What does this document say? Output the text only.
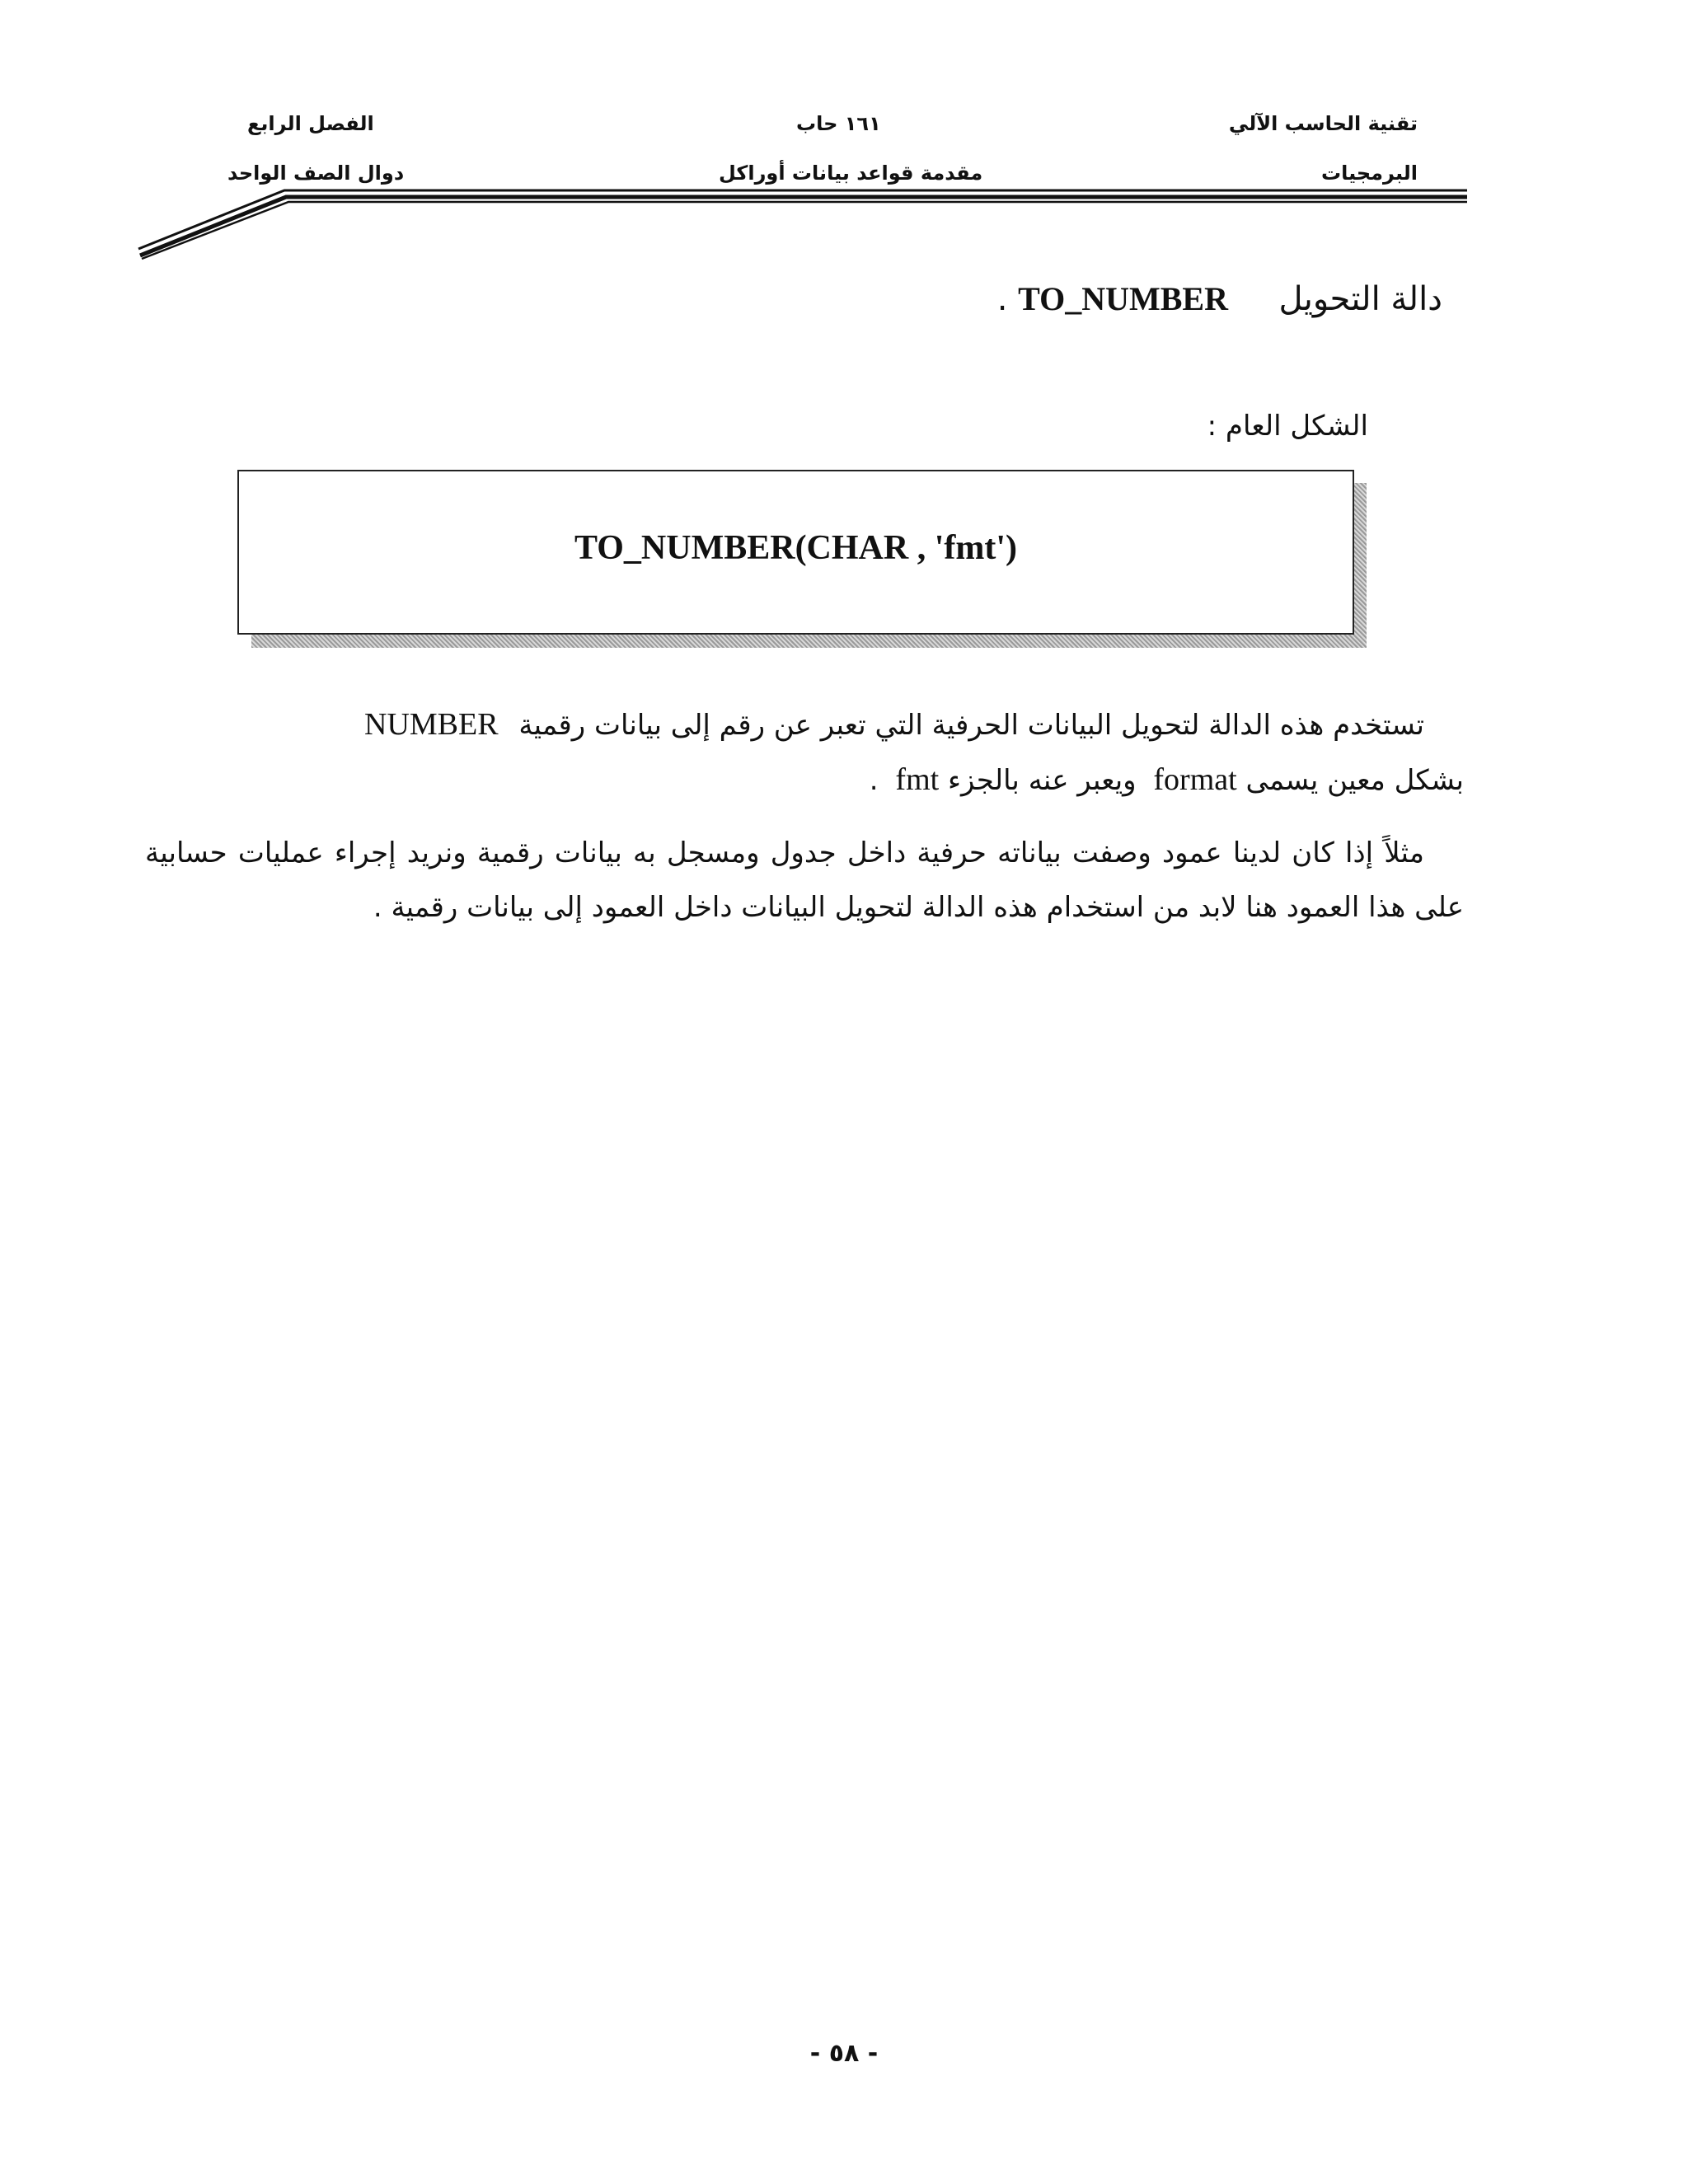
تقنية الحاسب الآلي
البرمجيات
١٦١ حاب
مقدمة قواعد بيانات أوراكل
الفصل الرابع
دوال الصف الواحد
دالة التحويل  TO_NUMBER .
الشكل العام :
TO_NUMBER(CHAR , 'fmt')
تستخدم هذه الدالة لتحويل البيانات الحرفية التي تعبر عن رقم إلى بيانات رقمية NUMBER
بشكل معين يسمى format ويعبر عنه بالجزء fmt .
مثلاً إذا كان لدينا عمود وصفت بياناته حرفية داخل جدول ومسجل به بيانات رقمية ونريد إجراء عمليات حسابية على هذا العمود هنا لابد من استخدام هذه الدالة لتحويل البيانات داخل العمود إلى بيانات رقمية .
- ٥٨ -
